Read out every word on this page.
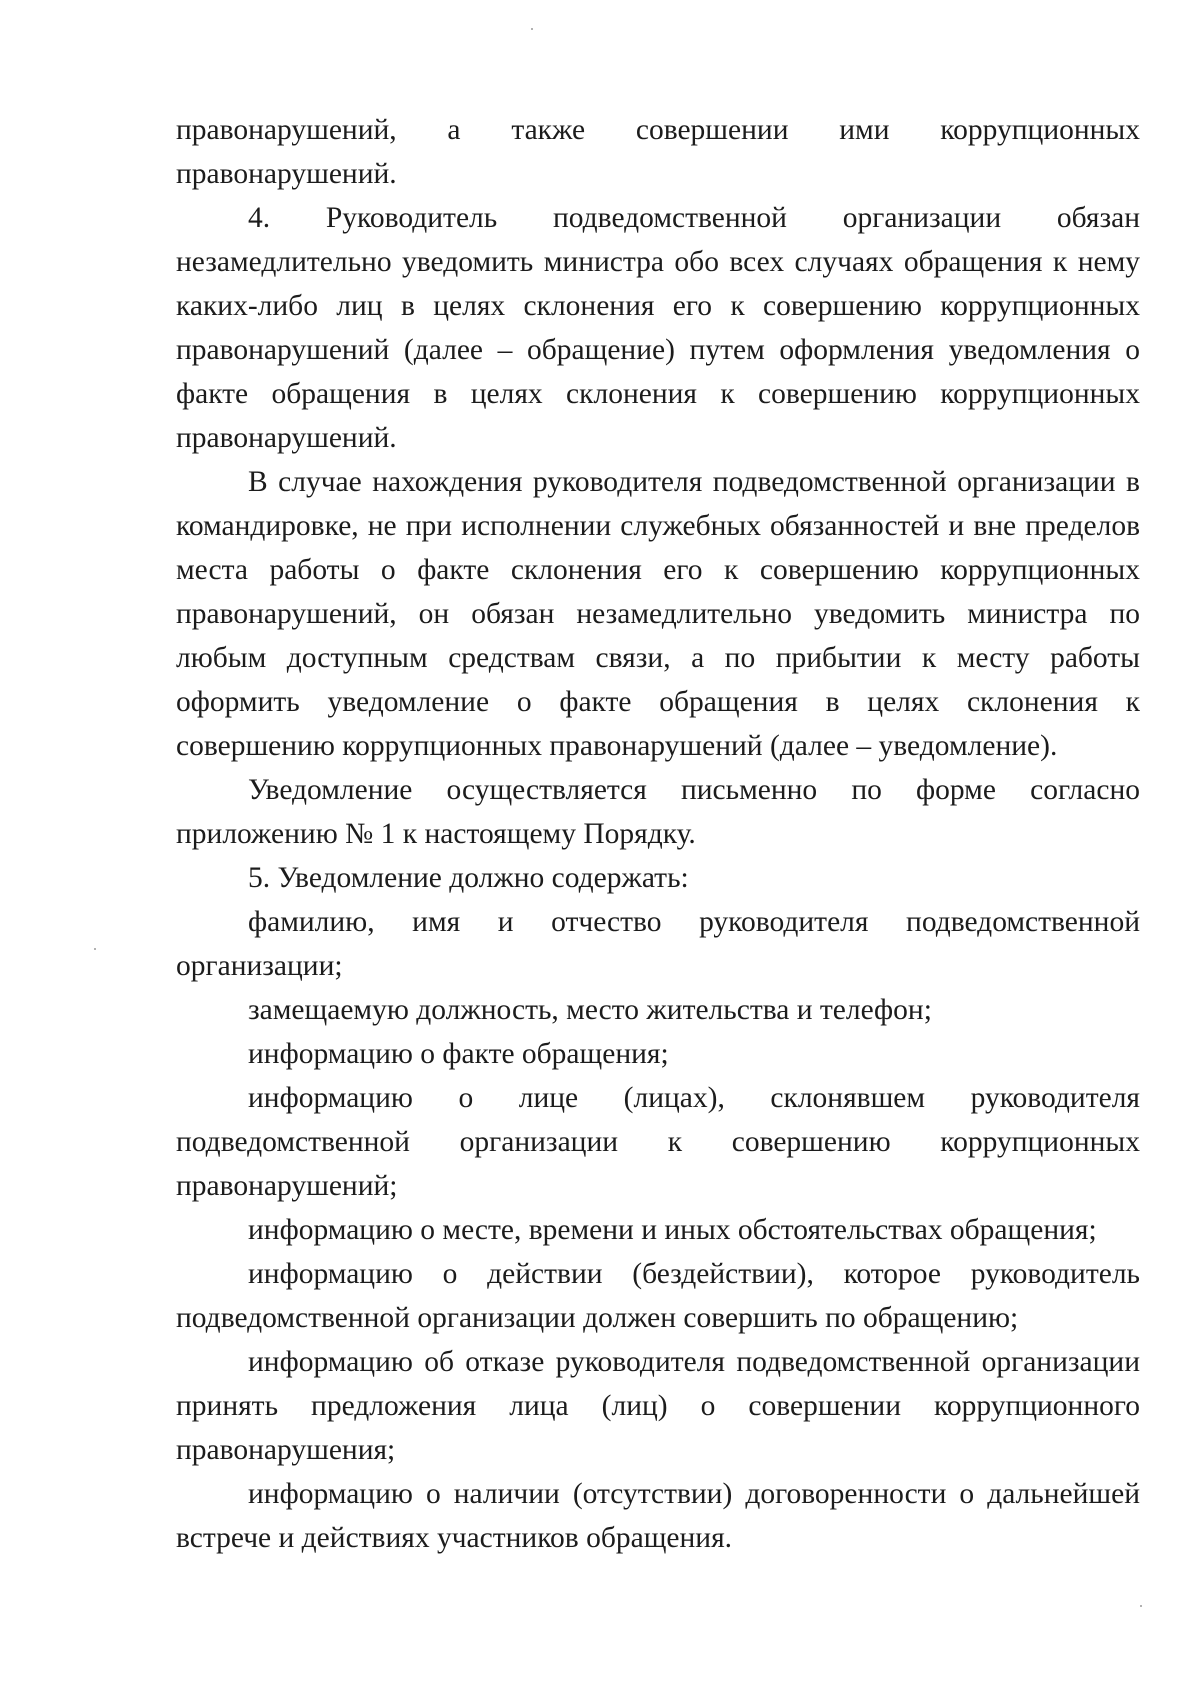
правонарушений, а также совершении ими коррупционных правонарушений.

4. Руководитель подведомственной организации обязан незамедлительно уведомить министра обо всех случаях обращения к нему каких-либо лиц в целях склонения его к совершению коррупционных правонарушений (далее – обращение) путем оформления уведомления о факте обращения в целях склонения к совершению коррупционных правонарушений.

В случае нахождения руководителя подведомственной организации в командировке, не при исполнении служебных обязанностей и вне пределов места работы о факте склонения его к совершению коррупционных правонарушений, он обязан незамедлительно уведомить министра по любым доступным средствам связи, а по прибытии к месту работы оформить уведомление о факте обращения в целях склонения к совершению коррупционных правонарушений (далее – уведомление).

Уведомление осуществляется письменно по форме согласно приложению № 1 к настоящему Порядку.

5. Уведомление должно содержать:

фамилию, имя и отчество руководителя подведомственной организации;

замещаемую должность, место жительства и телефон;

информацию о факте обращения;

информацию о лице (лицах), склонявшем руководителя подведомственной организации к совершению коррупционных правонарушений;

информацию о месте, времени и иных обстоятельствах обращения;

информацию о действии (бездействии), которое руководитель подведомственной организации должен совершить по обращению;

информацию об отказе руководителя подведомственной организации принять предложения лица (лиц) о совершении коррупционного правонарушения;

информацию о наличии (отсутствии) договоренности о дальнейшей встрече и действиях участников обращения.
